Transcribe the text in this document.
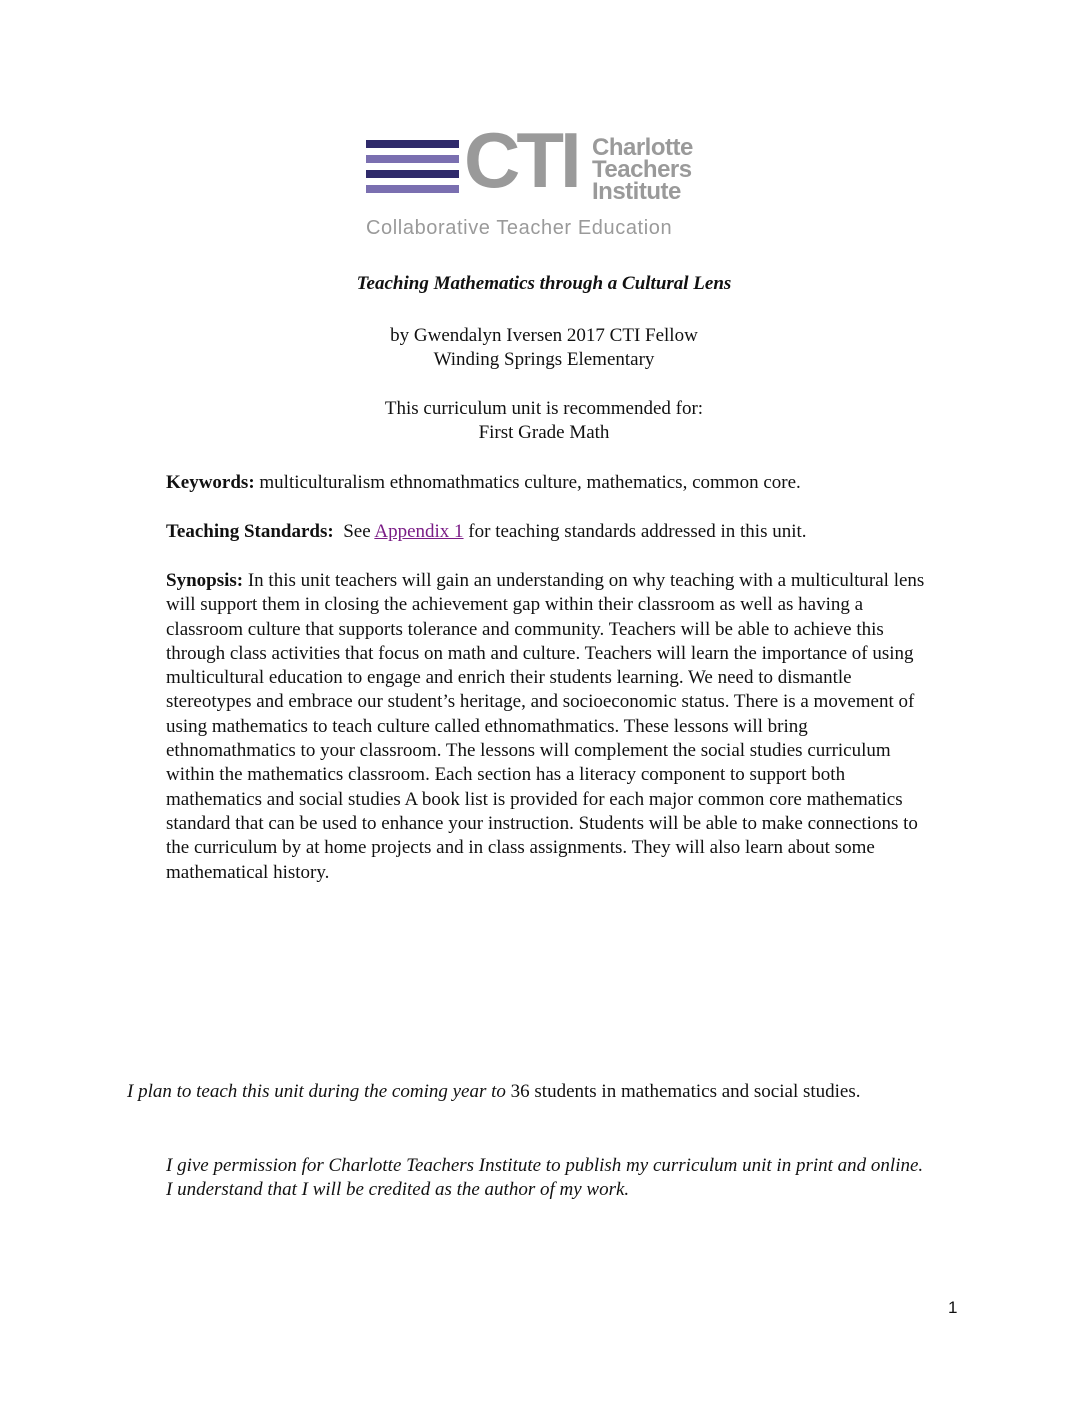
CTI Charlotte
Teachers
Institute
Collaborative Teacher Education
Teaching Mathematics through a Cultural Lens
by Gwendalyn Iversen 2017 CTI Fellow
Winding Springs Elementary
This curriculum unit is recommended for:
First Grade Math
Keywords: multiculturalism ethnomathmatics culture, mathematics, common core.
Teaching Standards:  See Appendix 1 for teaching standards addressed in this unit.
Synopsis: In this unit teachers will gain an understanding on why teaching with a multicultural lens will support them in closing the achievement gap within their classroom as well as having a classroom culture that supports tolerance and community. Teachers will be able to achieve this through class activities that focus on math and culture. Teachers will learn the importance of using multicultural education to engage and enrich their students learning. We need to dismantle stereotypes and embrace our student’s heritage, and socioeconomic status. There is a movement of using mathematics to teach culture called ethnomathmatics. These lessons will bring ethnomathmatics to your classroom. The lessons will complement the social studies curriculum within the mathematics classroom. Each section has a literacy component to support both mathematics and social studies A book list is provided for each major common core mathematics standard that can be used to enhance your instruction. Students will be able to make connections to the curriculum by at home projects and in class assignments. They will also learn about some mathematical history.
I plan to teach this unit during the coming year to 36 students in mathematics and social studies.
I give permission for Charlotte Teachers Institute to publish my curriculum unit in print and online. I understand that I will be credited as the author of my work.
1
